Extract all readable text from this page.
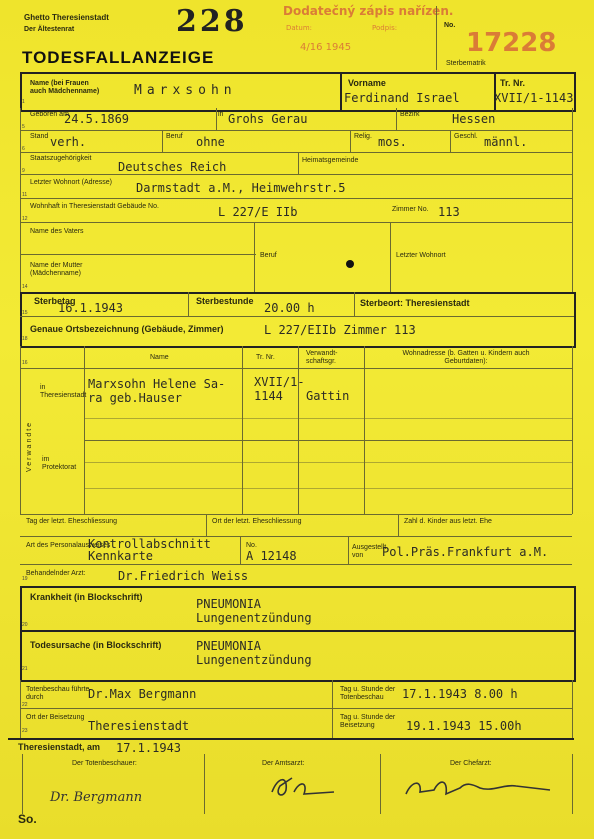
Ghetto Theresienstadt
Der Ältestenrat
TODESFALLANZEIGE
228	Dodatečný zápis nařízen.
Datum:	Podpis:
4/16 1945
No.
17228
Sterbematrik
Name (bei Frauen auch Mädchenname)	Marxsohn	Vorname
Ferdinand Israel
Tr. Nr.
XVII/1-1143
Geboren am
24.5.1869	in Grohs Gerau	Bezirk	Hessen
Stand verh.	Beruf ohne	Relig. mos.	Geschl. männl.
Staatszugehörigkeit
Deutsches Reich	Heimatsgemeinde
Letzter Wohnort (Adresse) Darmstadt a.M., Heimwehrstr.5
Wohnhaft in Theresienstadt Gebäude No.	L 227/E IIb	Zimmer No. 113
Name des Vaters
Name der Mutter (Mädchenname)
Beruf	Letzter Wohnort
Sterbetag
16.1.1943	Sterbestunde 20.00 h	Sterbeort: Theresienstadt
Genaue Ortsbezeichnung (Gebäude, Zimmer)	L 227/EIIb Zimmer 113
Name	Tr. Nr.
Verwandt-schaftsgr.
Wohnadresse (b. Gatten u. Kindern auch Geburtdaten):
Verwandte
in Theresienstadt
im Protektorat
Marxsohn Helene Sa-
ra geb.Hauser
XVII/1-
1144 Gattin
Tag der letzt. Eheschliessung	Ort der letzt. Eheschliessung	Zahl d. Kinder aus letzt. Ehe
Art des Personalausweises
Kontrollabschnitt
Kennkarte
No.
A 12148
Ausgestellt von	Pol.Präs.Frankfurt a.M.
Behandelnder Arzt:	Dr.Friedrich Weiss
Krankheit (in Blockschrift)	PNEUMONIA
Lungenentzündung
Todesursache (in Blockschrift)	PNEUMONIA
Lungenentzündung
Totenbeschau führte durch	Dr.Max Bergmann	Tag u. Stunde der Totenbeschau	17.1.1943 8.00 h
Ort der Beisetzung
Theresienstadt
Tag u. Stunde der Beisetzung	19.1.1943 15.00h
Theresienstadt, am 17.1.1943
Der Totenbeschauer:	Der Amtsarzt:	Der Chefarzt:
Dr. Bergmann
So.
1
5
6
9
11
12
14
15
18
16
19
20
21
22
23
